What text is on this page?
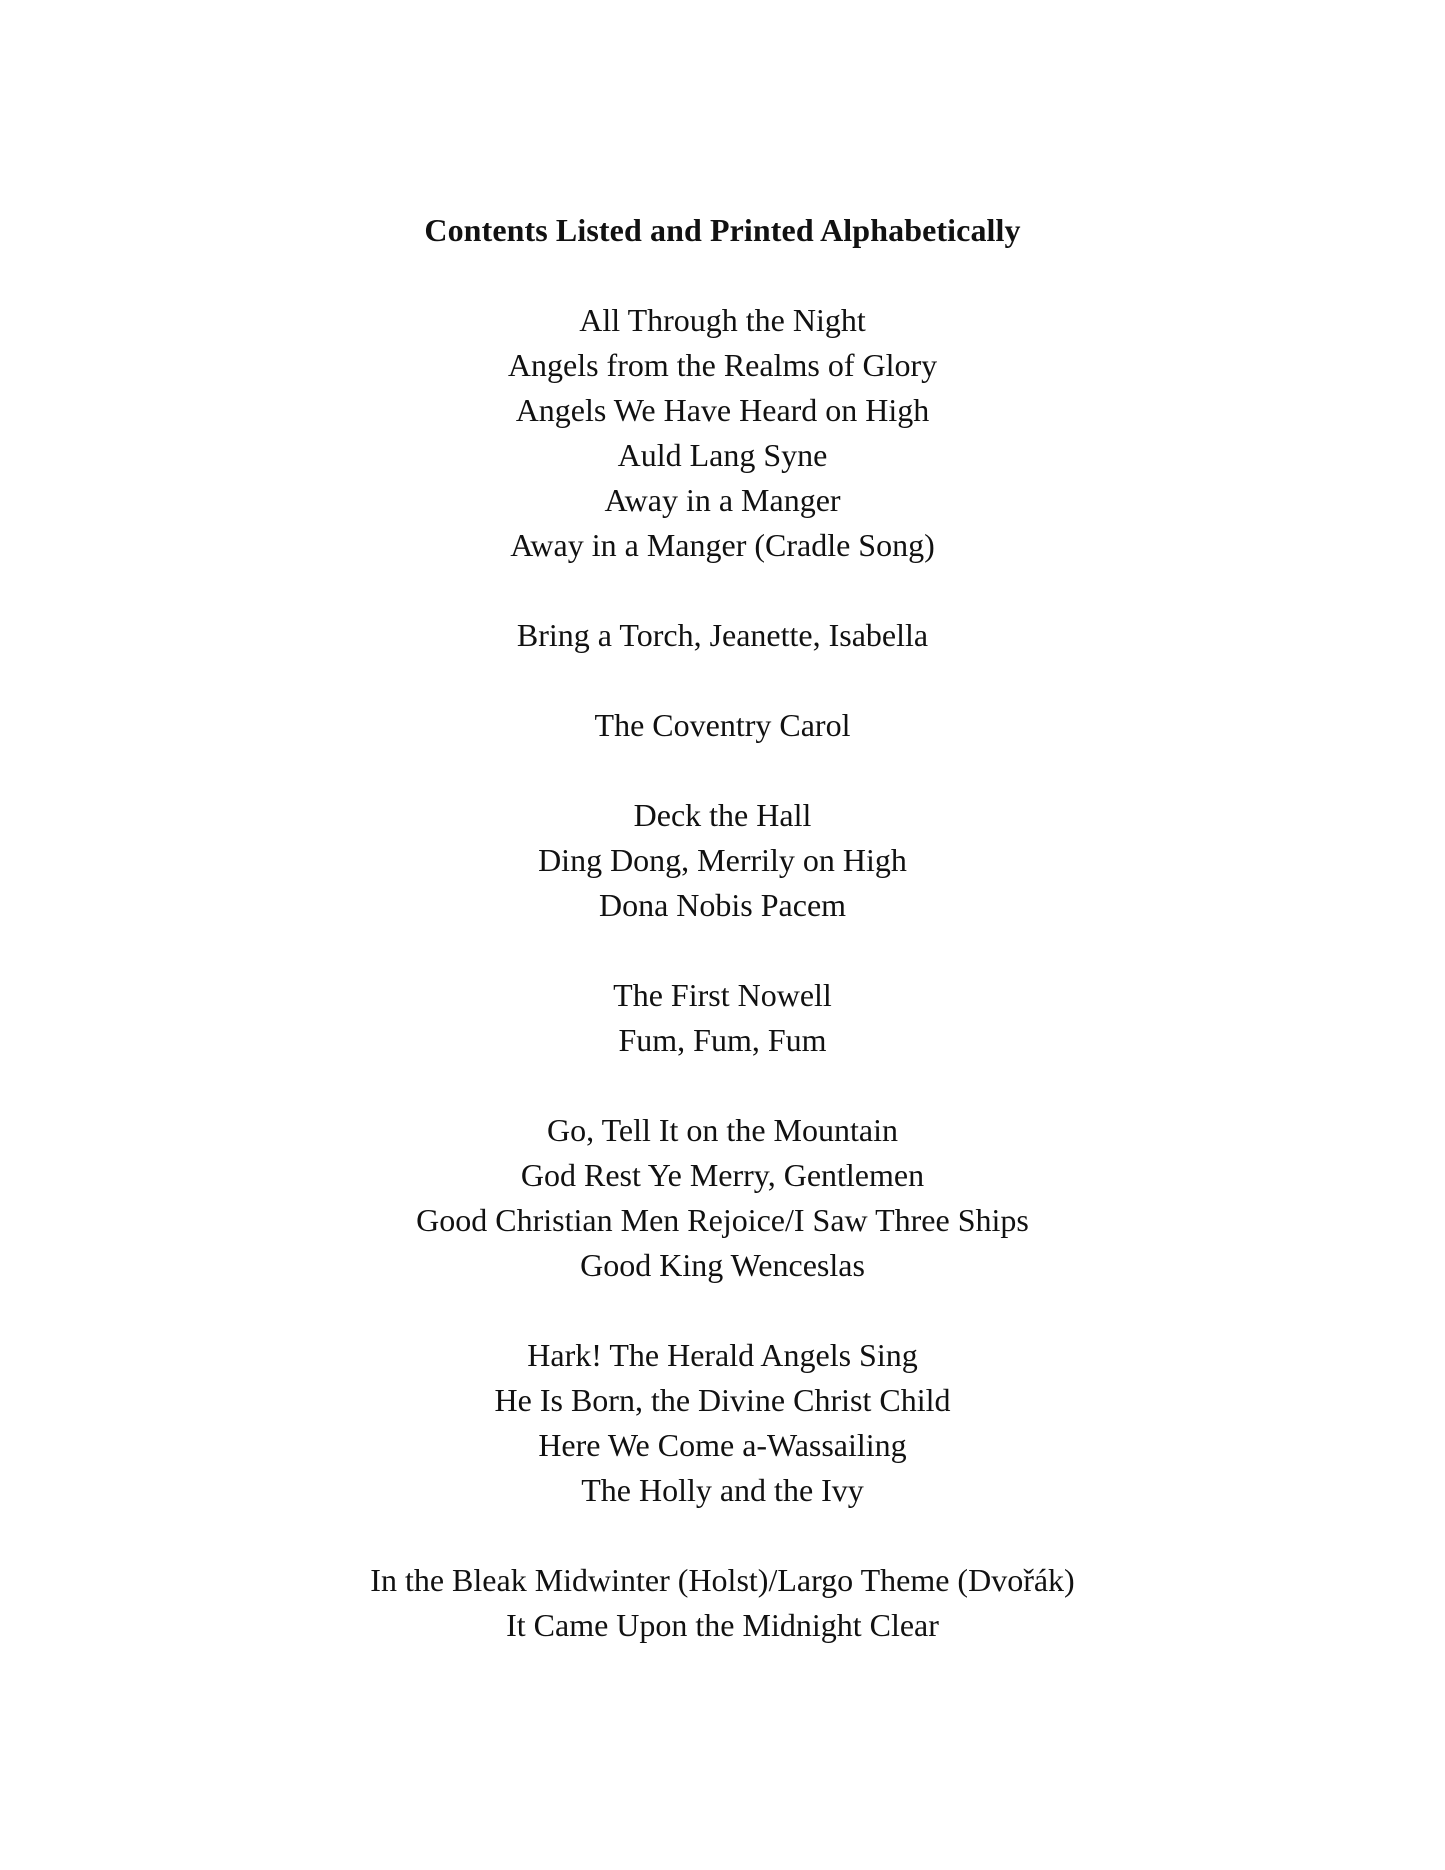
Contents Listed and Printed Alphabetically
All Through the Night
Angels from the Realms of Glory
Angels We Have Heard on High
Auld Lang Syne
Away in a Manger
Away in a Manger (Cradle Song)
Bring a Torch, Jeanette, Isabella
The Coventry Carol
Deck the Hall
Ding Dong, Merrily on High
Dona Nobis Pacem
The First Nowell
Fum, Fum, Fum
Go, Tell It on the Mountain
God Rest Ye Merry, Gentlemen
Good Christian Men Rejoice/I Saw Three Ships
Good King Wenceslas
Hark! The Herald Angels Sing
He Is Born, the Divine Christ Child
Here We Come a-Wassailing
The Holly and the Ivy
In the Bleak Midwinter (Holst)/Largo Theme (Dvořák)
It Came Upon the Midnight Clear
